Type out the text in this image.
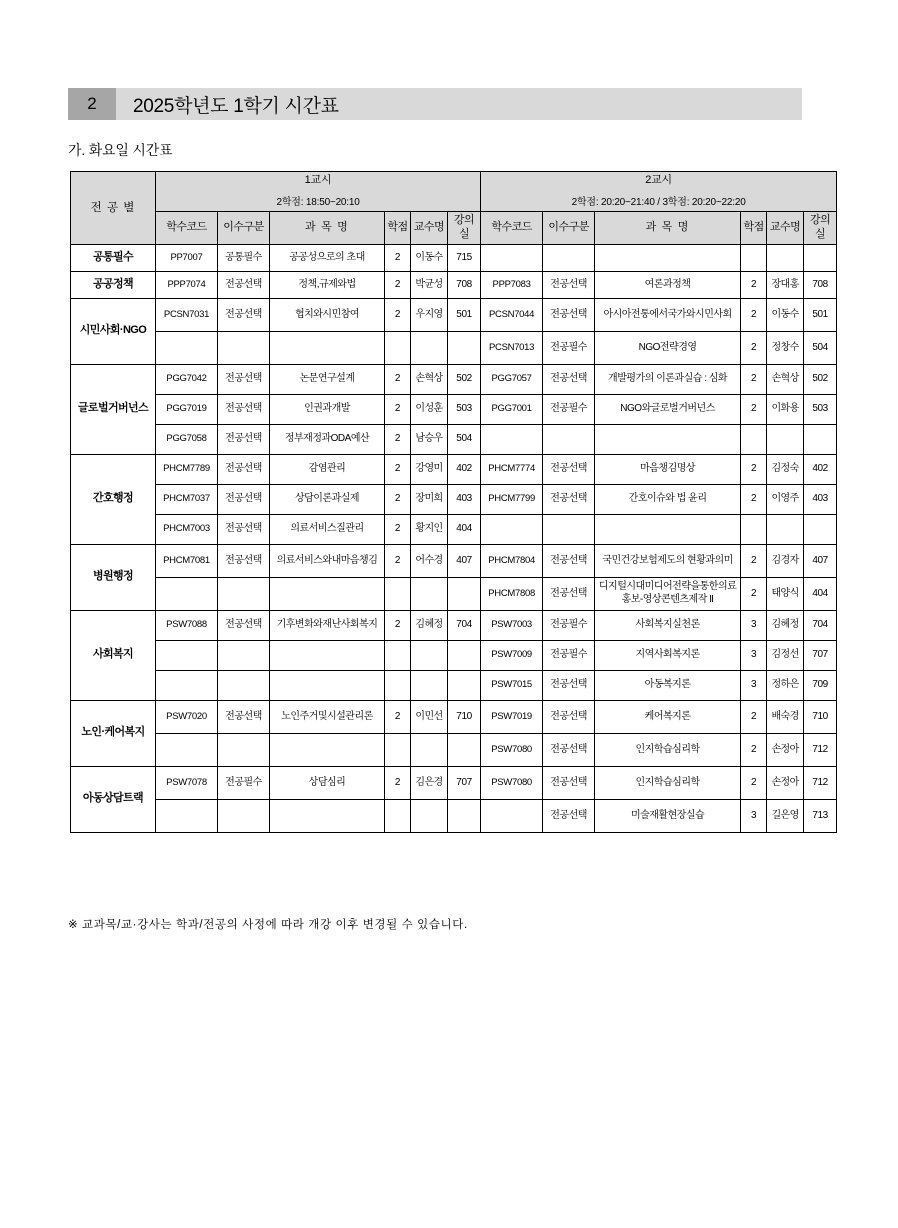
2	2025학년도 1학기 시간표
가. 화요일 시간표
전 공 별	1교시
2학점: 18:50~20:10						2교시
2학점: 20:20~21:40 / 3학점: 20:20~22:20					

	학수코드	이수구분	과 목 명	학점	교수명	강의실	학수코드	이수구분	과 목 명	학점	교수명	강의실
공통필수	PP7007	공통필수	공공성으로의 초대	2	이동수	715						
공공정책	PPP7074	전공선택	정책,규제와법	2	박균성	708	PPP7083	전공선택	여론과정책	2	장대홍	708
시민사회·NGO	PCSN7031	전공선택	협치와시민참여	2	우지영	501	PCSN7044	전공선택	아시아전통에서국가와시민사회	2	이동수	501
							PCSN7013	전공필수	NGO전략경영	2	정창수	504
글로벌거버넌스	PGG7042	전공선택	논문연구설계	2	손혁상	502	PGG7057	전공선택	개발평가의 이론과실습 : 심화	2	손혁상	502
	PGG7019	전공선택	인권과개발	2	이성훈	503	PGG7001	전공필수	NGO와글로벌거버넌스	2	이화용	503
	PGG7058	전공선택	정부재정과ODA예산	2	남승우	504						
간호행정	PHCM7789	전공선택	감염관리	2	강영미	402	PHCM7774	전공선택	마음챙김명상	2	김정숙	402
	PHCM7037	전공선택	상담이론과실제	2	장미희	403	PHCM7799	전공선택	간호이슈와 법 윤리	2	이영주	403
	PHCM7003	전공선택	의료서비스질관리	2	황지인	404						
병원행정	PHCM7081	전공선택	의료서비스와내마음챙김	2	어수경	407	PHCM7804	전공선택	국민건강보험제도의 현황과의미	2	김경자	407
							PHCM7808	전공선택	디지털시대미디어전략을통한의료홍보-영상콘텐츠제작 Ⅱ	2	태양식	404
사회복지	PSW7088	전공선택	기후변화와재난사회복지	2	김혜정	704	PSW7003	전공필수	사회복지실천론	3	김혜정	704
							PSW7009	전공필수	지역사회복지론	3	김정선	707
							PSW7015	전공선택	아동복지론	3	정하은	709
노인·케어복지	PSW7020	전공선택	노인주거및시설관리론	2	이민선	710	PSW7019	전공선택	케어복지론	2	배숙경	710
							PSW7080	전공선택	인지학습심리학	2	손정아	712
아동상담트랙	PSW7078	전공필수	상담심리	2	김은경	707	PSW7080	전공선택	인지학습심리학	2	손정아	712
								전공선택	미술재활현장실습	3	길은영	713
※ 교과목/교·강사는 학과/전공의 사정에 따라 개강 이후 변경될 수 있습니다.
